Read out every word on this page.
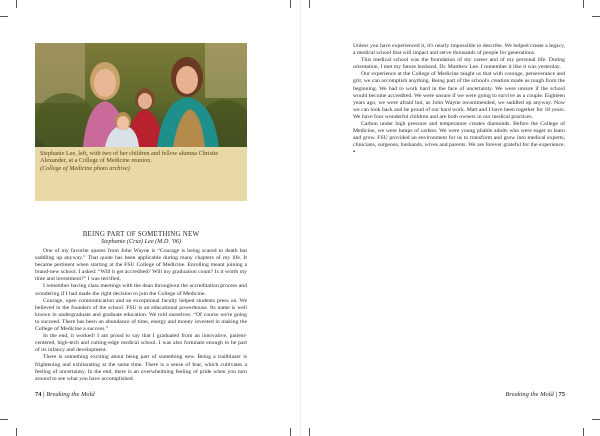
Stephanie Lee, left, with two of her children and fellow alumna Christie Alexander, at a College of Medicine reunion.
(College of Medicine photo archive)
BEING PART OF SOMETHING NEW
Stephanie (Cruz) Lee (M.D. '06)

One of my favorite quotes from John Wayne is “Courage is being scared to death but saddling up anyway.” That quote has been applicable during many chapters of my life. It became pertinent when starting at the FSU College of Medicine. Enrolling meant joining a brand-new school. I asked: “Will it get accredited? Will my graduation count? Is it worth my time and investment?” I was terrified.

I remember having class meetings with the dean throughout the accreditation process and wondering if I had made the right decision to join the College of Medicine.

Courage, open communication and an exceptional faculty helped students press on. We believed in the founders of the school. FSU is an educational powerhouse. Its name is well known in undergraduate and graduate education. We told ourselves: “Of course we're going to succeed. There has been an abundance of time, energy and money invested in making the College of Medicine a success.”

In the end, it worked! I am proud to say that I graduated from an innovative, patient-centered, high-tech and cutting-edge medical school. I was also fortunate enough to be part of its infancy and development.

There is something exciting about being part of something new. Being a trailblazer is frightening and exhilarating at the same time. There is a sense of fear, which cultivates a feeling of uncertainty. In the end, there is an overwhelming feeling of pride when you turn around to see what you have accomplished.

Unless you have experienced it, it's nearly impossible to describe. We helped create a legacy, a medical school that will impact and serve thousands of people for generations.

This medical school was the foundation of my career and of my personal life. During orientation, I met my future husband, Dr. Matthew Lee. I remember it like it was yesterday.

Our experience at the College of Medicine taught us that with courage, perseverance and grit, we can accomplish anything. Being part of the school's creation made us tough from the beginning. We had to work hard in the face of uncertainty. We were unsure if the school would become accredited. We were unsure if we were going to survive as a couple. Eighteen years ago, we were afraid but, as John Wayne recommended, we saddled up anyway. Now we can look back and be proud of our hard work. Matt and I have been together for 18 years. We have four wonderful children and are both owners in our medical practices.

Carbon under high pressure and temperature creates diamonds. Before the College of Medicine, we were lumps of carbon. We were young pliable adults who were eager to learn and grow. FSU provided an environment for us to transform and grow into medical experts, clinicians, surgeons, husbands, wives and parents. We are forever grateful for the experience. ▪

74 | Breaking the Mold	Breaking the Mold | 75
